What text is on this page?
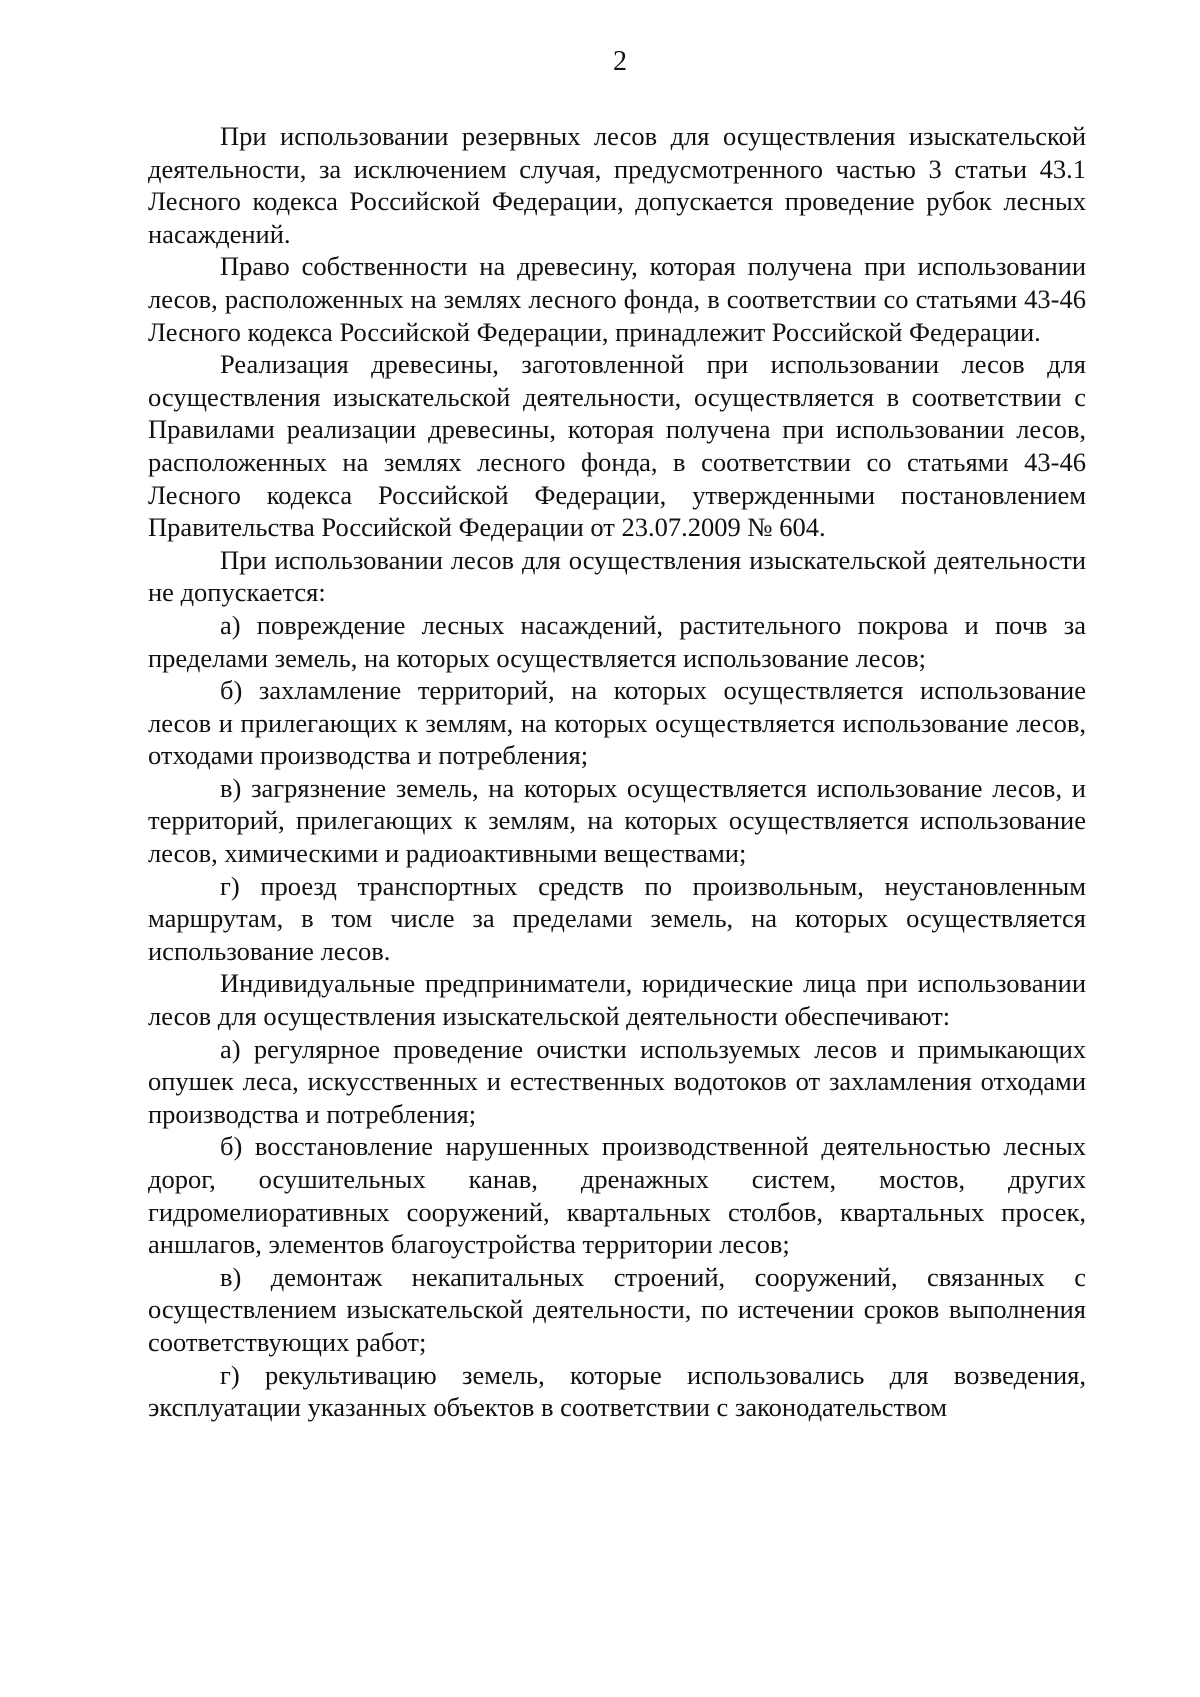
2

При использовании резервных лесов для осуществления изыскательской деятельности, за исключением случая, предусмотренного частью 3 статьи 43.1 Лесного кодекса Российской Федерации, допускается проведение рубок лесных насаждений.

Право собственности на древесину, которая получена при использовании лесов, расположенных на землях лесного фонда, в соответствии со статьями 43-46 Лесного кодекса Российской Федерации, принадлежит Российской Федерации.

Реализация древесины, заготовленной при использовании лесов для осуществления изыскательской деятельности, осуществляется в соответствии с Правилами реализации древесины, которая получена при использовании лесов, расположенных на землях лесного фонда, в соответствии со статьями 43-46 Лесного кодекса Российской Федерации, утвержденными постановлением Правительства Российской Федерации от 23.07.2009 № 604.

При использовании лесов для осуществления изыскательской деятельности не допускается:

а) повреждение лесных насаждений, растительного покрова и почв за пределами земель, на которых осуществляется использование лесов;

б) захламление территорий, на которых осуществляется использование лесов и прилегающих к землям, на которых осуществляется использование лесов, отходами производства и потребления;

в) загрязнение земель, на которых осуществляется использование лесов, и территорий, прилегающих к землям, на которых осуществляется использование лесов, химическими и радиоактивными веществами;

г) проезд транспортных средств по произвольным, неустановленным маршрутам, в том числе за пределами земель, на которых осуществляется использование лесов.

Индивидуальные предприниматели, юридические лица при использовании лесов для осуществления изыскательской деятельности обеспечивают:

а) регулярное проведение очистки используемых лесов и примыкающих опушек леса, искусственных и естественных водотоков от захламления отходами производства и потребления;

б) восстановление нарушенных производственной деятельностью лесных дорог, осушительных канав, дренажных систем, мостов, других гидромелиоративных сооружений, квартальных столбов, квартальных просек, аншлагов, элементов благоустройства территории лесов;

в) демонтаж некапитальных строений, сооружений, связанных с осуществлением изыскательской деятельности, по истечении сроков выполнения соответствующих работ;

г) рекультивацию земель, которые использовались для возведения, эксплуатации указанных объектов в соответствии с законодательством
